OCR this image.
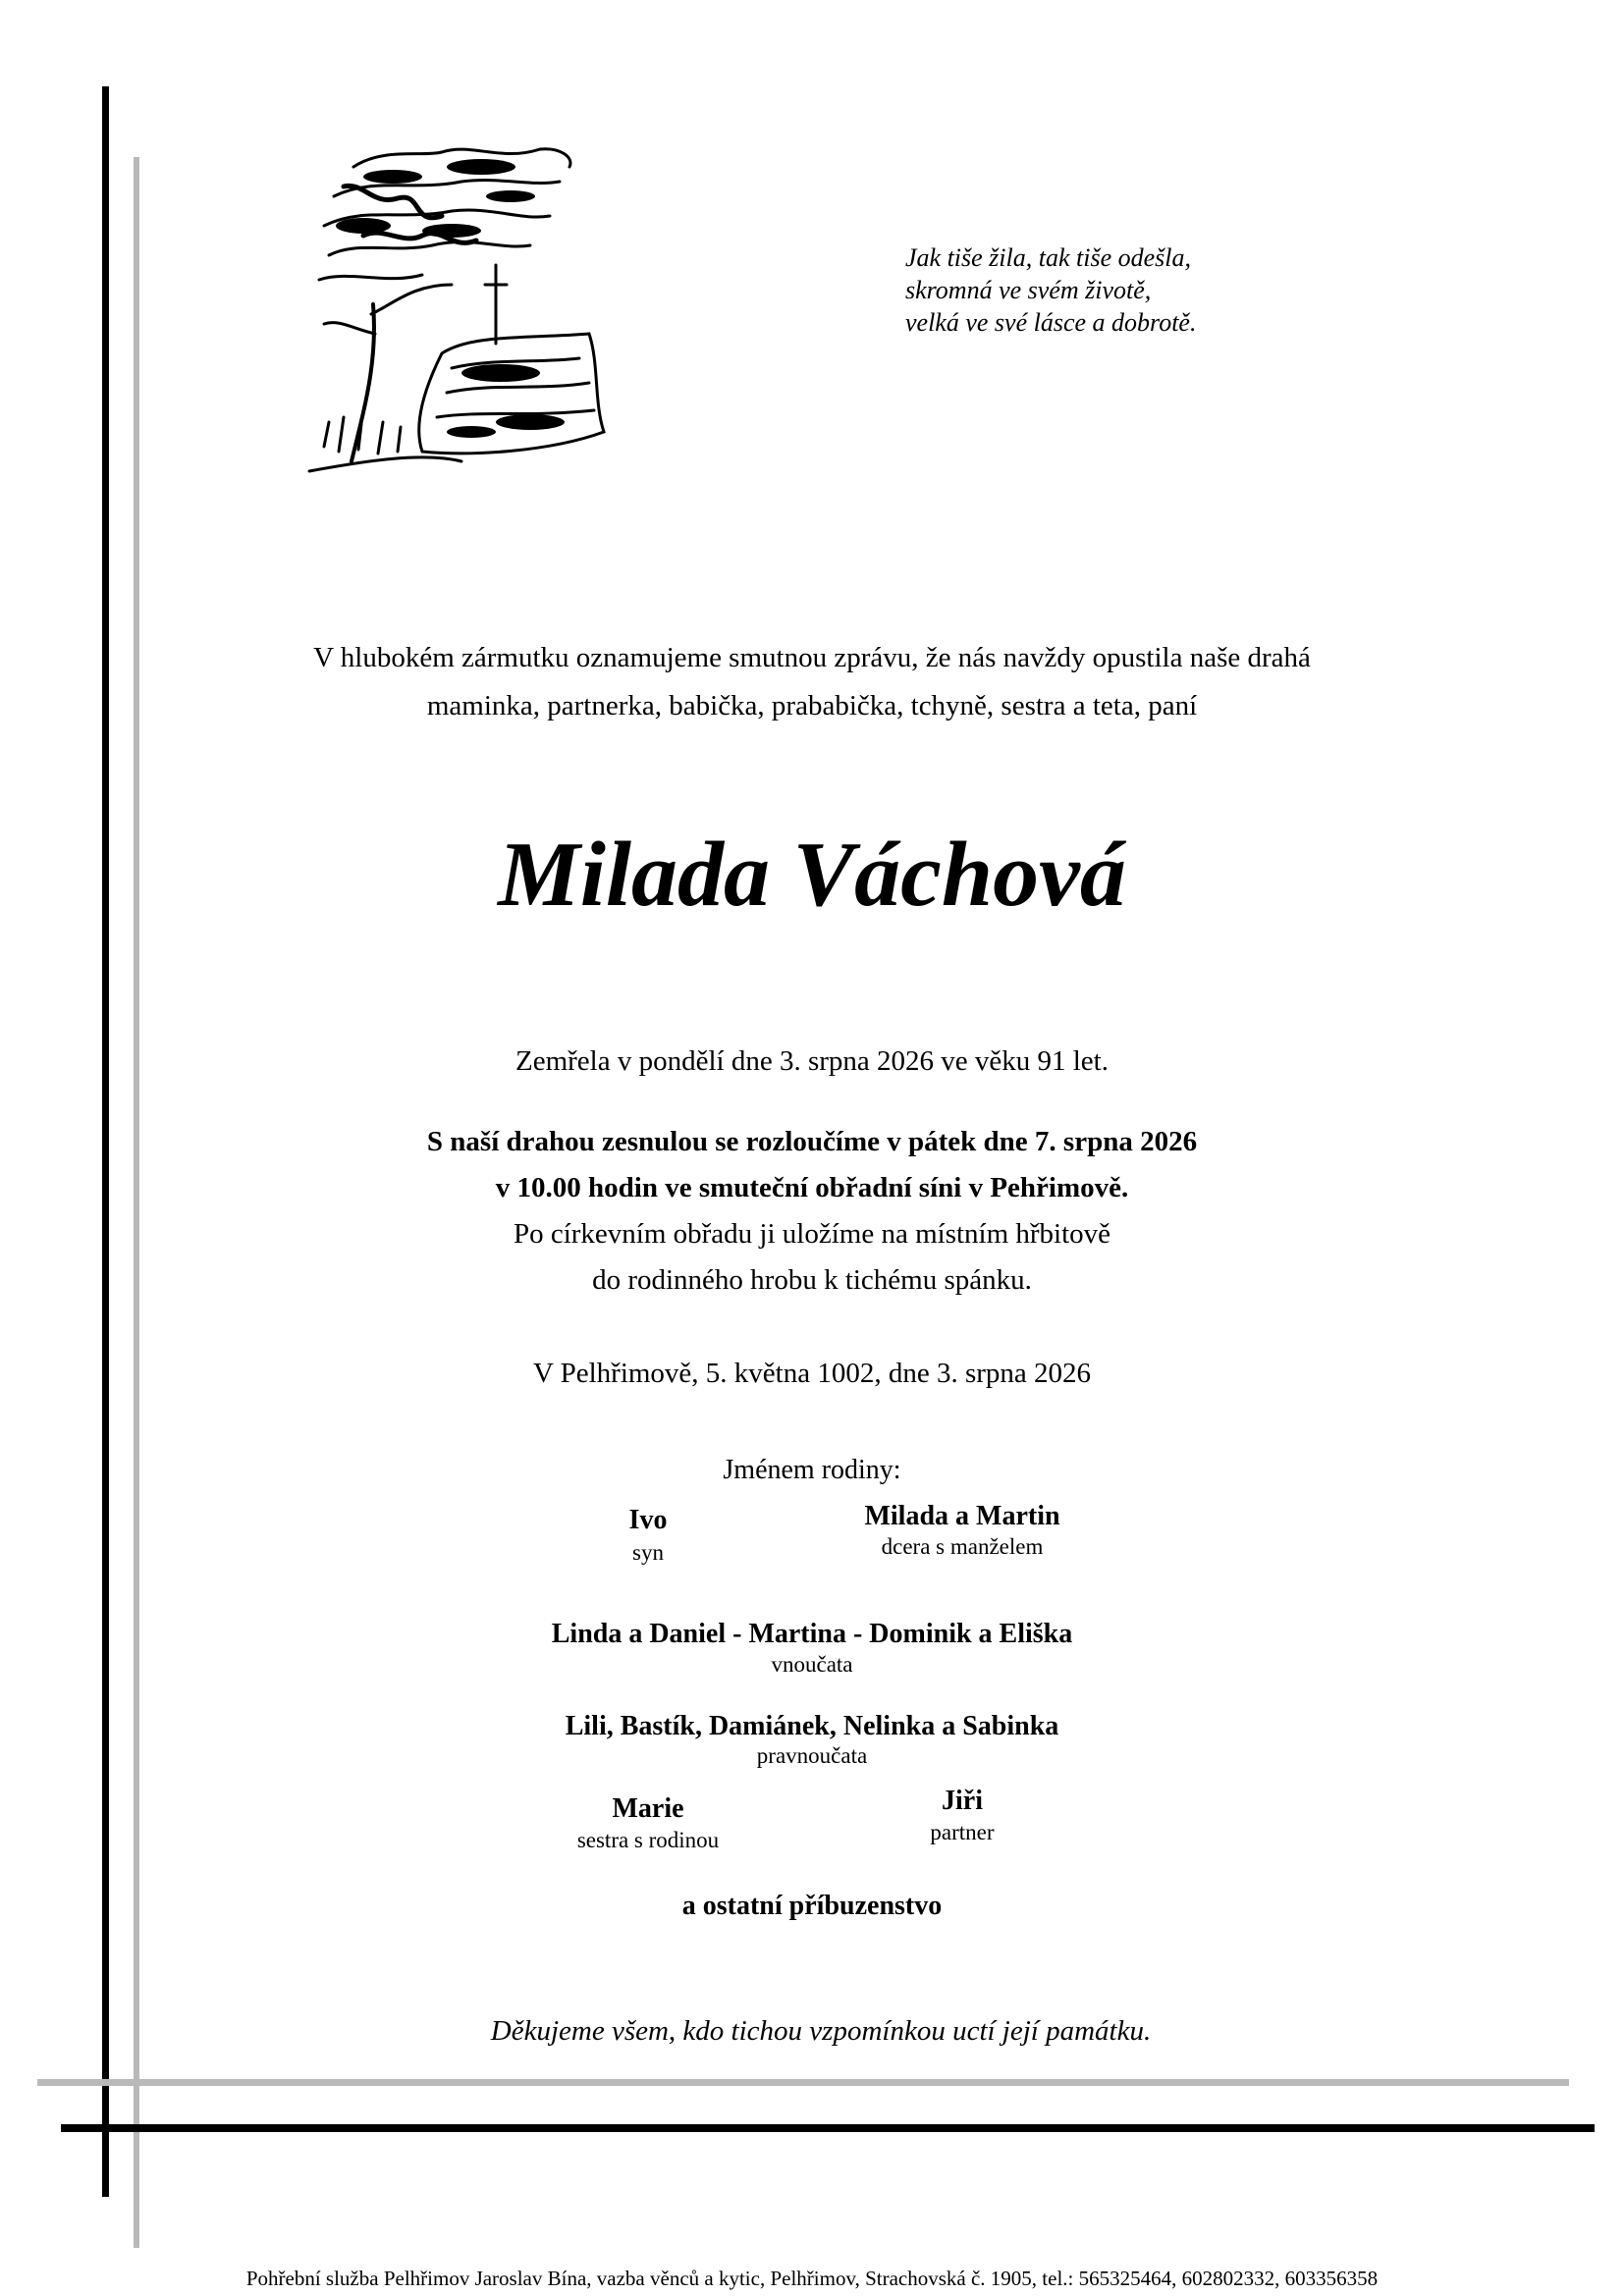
Jak tiše žila, tak tiše odešla,
skromná ve svém životě,
velká ve své lásce a dobrotě.
V hlubokém zármutku oznamujeme smutnou zprávu, že nás navždy opustila naše drahá
maminka, partnerka, babička, prababička, tchyně, sestra a teta, paní
Milada Váchová
Zemřela v pondělí dne 3. srpna 2026 ve věku 91 let.
S naší drahou zesnulou se rozloučíme v pátek dne 7. srpna 2026
v 10.00 hodin ve smuteční obřadní síni v Pehřimově.
Po církevním obřadu ji uložíme na místním hřbitově
do rodinného hrobu k tichému spánku.
V Pelhřimově, 5. května 1002, dne 3. srpna 2026
Jménem rodiny:
Ivo
syn
Milada a Martin
dcera s manželem
Linda a Daniel - Martina - Dominik a Eliška
vnoučata
Lili, Bastík, Damiánek, Nelinka a Sabinka
pravnoučata
Marie
sestra s rodinou
Jiři
partner
a ostatní příbuzenstvo
Děkujeme všem, kdo tichou vzpomínkou uctí její památku.
Pohřební služba Pelhřimov Jaroslav Bína, vazba věnců a kytic, Pelhřimov, Strachovská č. 1905, tel.: 565325464, 602802332, 603356358
